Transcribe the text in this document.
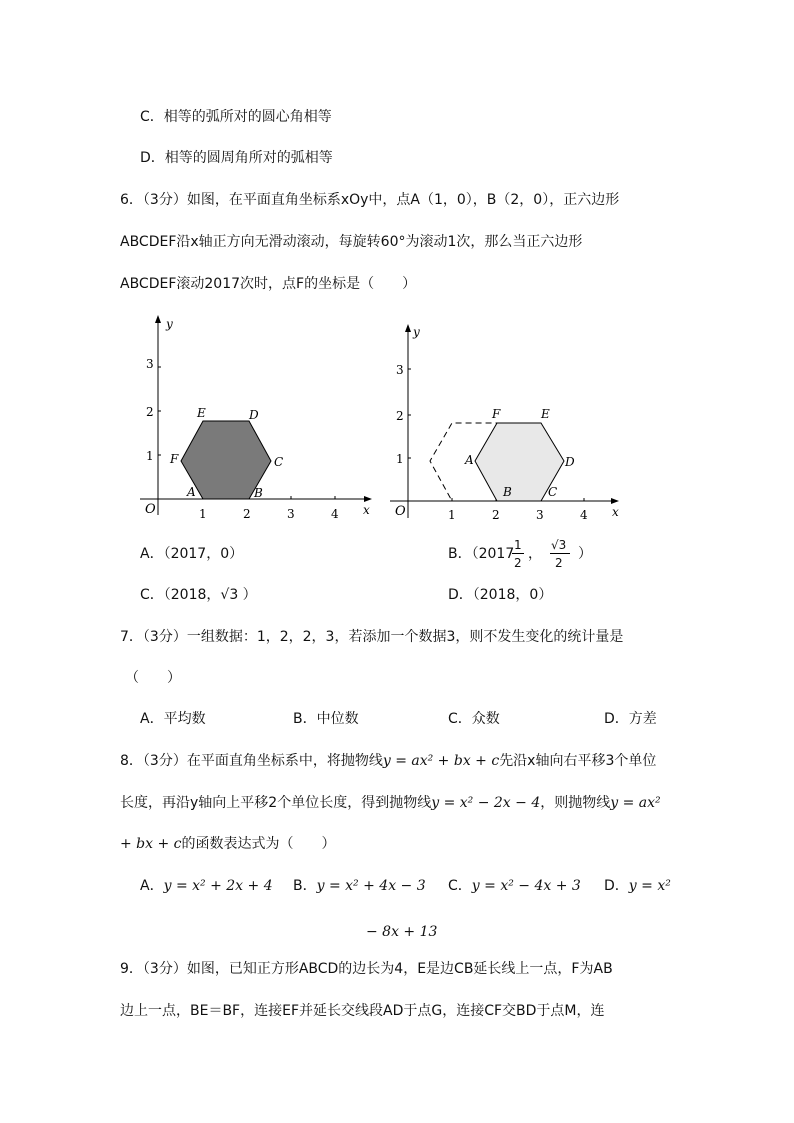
C．相等的弧所对的圆心角相等
D．相等的圆周角所对的弧相等
6．（3分）如图，在平面直角坐标系xOy中，点A（1，0），B（2，0），正六边形
ABCDEF沿x轴正方向无滑动滚动，每旋转60°为滚动1次，那么当正六边形
ABCDEF滚动2017次时，点F的坐标是（　　）
x
y
O	1	2	3	4
1
2
3
A	B
C
D
E
F
x
y
O	1	2	3	4
1
2
3
A
B	C
D
E
F
A．（2017，0）	B．（2017
1
2
，
√3
2
）
C．（2018，√3 ）	D．（2018，0）
7．（3分）一组数据：1，2，2，3，若添加一个数据3，则不发生变化的统计量是
（　　）
A．平均数	B．中位数	C．众数	D．方差
8．（3分）在平面直角坐标系中，将抛物线y = ax² + bx + c先沿x轴向右平移3个单位
长度，再沿y轴向上平移2个单位长度，得到抛物线y = x² − 2x − 4，则抛物线y = ax²
+ bx + c的函数表达式为（　　）
A．y = x² + 2x + 4 B．y = x² + 4x − 3 C．y = x² − 4x + 3 D．y = x²
− 8x + 13
9．（3分）如图，已知正方形ABCD的边长为4，E是边CB延长线上一点，F为AB
边上一点，BE＝BF，连接EF并延长交线段AD于点G，连接CF交BD于点M，连
